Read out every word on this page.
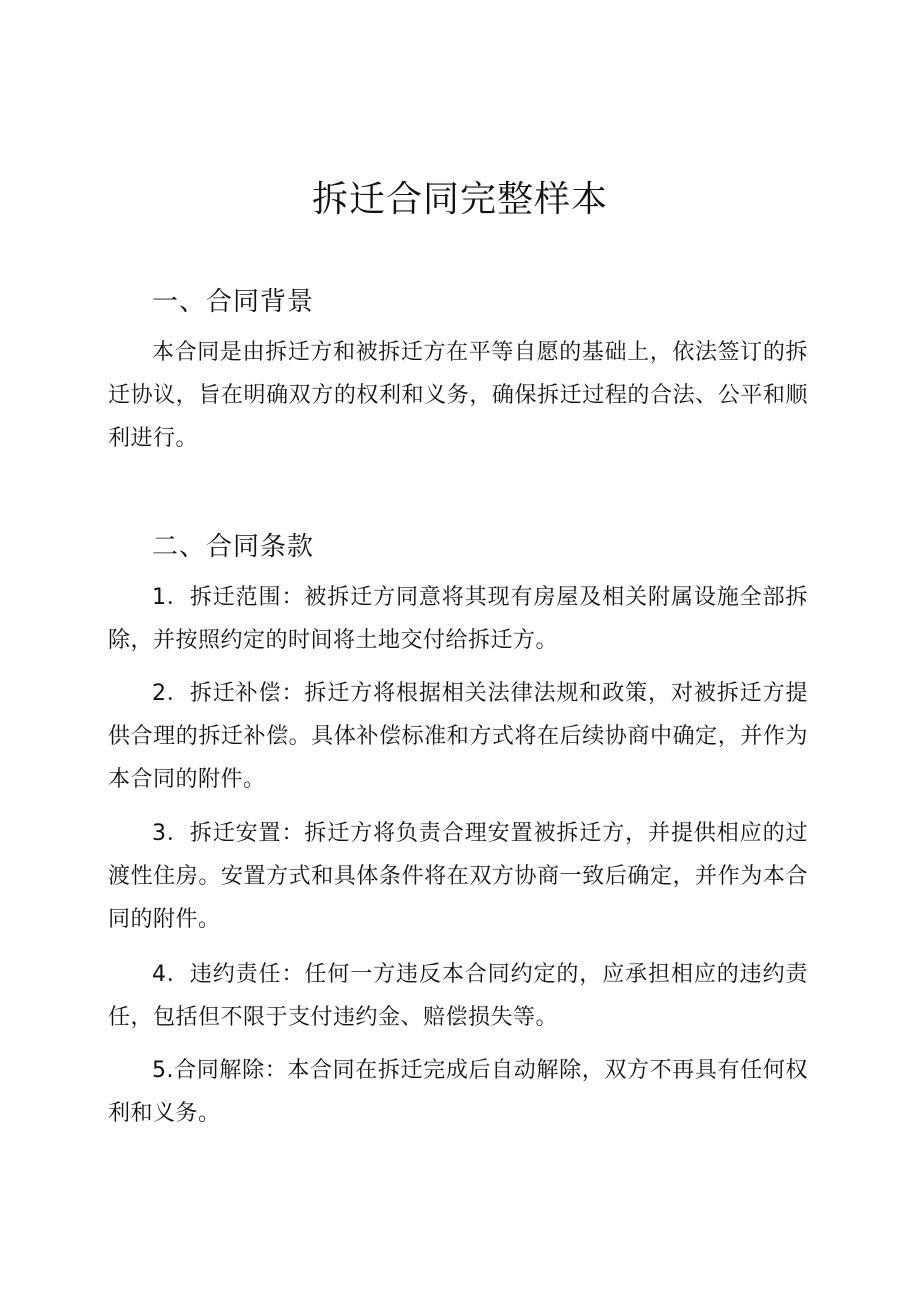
拆迁合同完整样本
一、合同背景

本合同是由拆迁方和被拆迁方在平等自愿的基础上，依法签订的拆迁协议，旨在明确双方的权利和义务，确保拆迁过程的合法、公平和顺利进行。

二、合同条款

1．拆迁范围：被拆迁方同意将其现有房屋及相关附属设施全部拆除，并按照约定的时间将土地交付给拆迁方。

2．拆迁补偿：拆迁方将根据相关法律法规和政策，对被拆迁方提供合理的拆迁补偿。具体补偿标准和方式将在后续协商中确定，并作为本合同的附件。

3．拆迁安置：拆迁方将负责合理安置被拆迁方，并提供相应的过渡性住房。安置方式和具体条件将在双方协商一致后确定，并作为本合同的附件。

4．违约责任：任何一方违反本合同约定的，应承担相应的违约责任，包括但不限于支付违约金、赔偿损失等。

5.合同解除：本合同在拆迁完成后自动解除，双方不再具有任何权利和义务。
